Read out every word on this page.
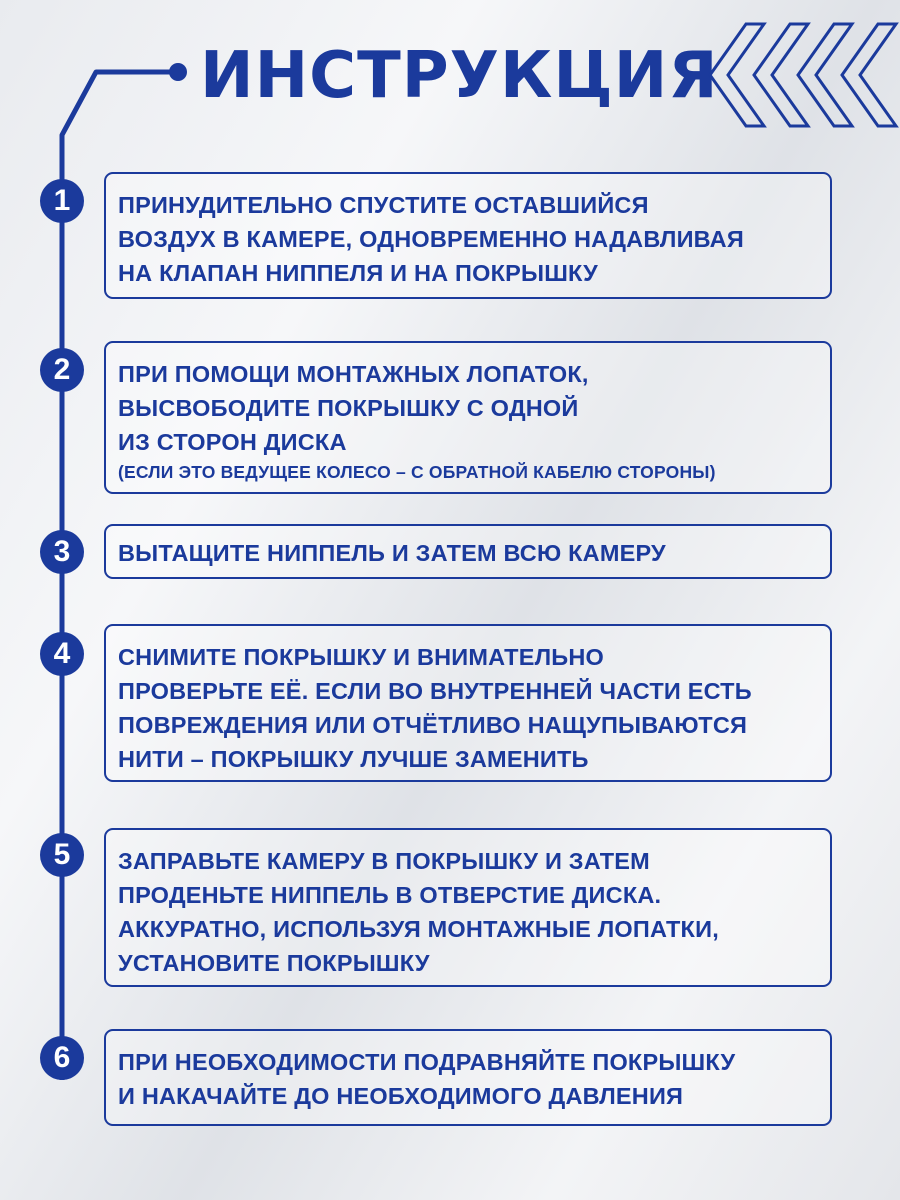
ИНСТРУКЦИЯ
1	ПРИНУДИТЕЛЬНО СПУСТИТЕ ОСТАВШИЙСЯ
ВОЗДУХ В КАМЕРЕ, ОДНОВРЕМЕННО НАДАВЛИВАЯ
НА КЛАПАН НИППЕЛЯ И НА ПОКРЫШКУ
2	ПРИ ПОМОЩИ МОНТАЖНЫХ ЛОПАТОК,
ВЫСВОБОДИТЕ ПОКРЫШКУ С ОДНОЙ
ИЗ СТОРОН ДИСКА
(ЕСЛИ ЭТО ВЕДУЩЕЕ КОЛЕСО – С ОБРАТНОЙ КАБЕЛЮ СТОРОНЫ)
3	ВЫТАЩИТЕ НИППЕЛЬ И ЗАТЕМ ВСЮ КАМЕРУ
4	СНИМИТЕ ПОКРЫШКУ И ВНИМАТЕЛЬНО
ПРОВЕРЬТЕ ЕЁ. ЕСЛИ ВО ВНУТРЕННЕЙ ЧАСТИ ЕСТЬ
ПОВРЕЖДЕНИЯ ИЛИ ОТЧЁТЛИВО НАЩУПЫВАЮТСЯ
НИТИ – ПОКРЫШКУ ЛУЧШЕ ЗАМЕНИТЬ
5	ЗАПРАВЬТЕ КАМЕРУ В ПОКРЫШКУ И ЗАТЕМ
ПРОДЕНЬТЕ НИППЕЛЬ В ОТВЕРСТИЕ ДИСКА.
АККУРАТНО, ИСПОЛЬЗУЯ МОНТАЖНЫЕ ЛОПАТКИ,
УСТАНОВИТЕ ПОКРЫШКУ
6	ПРИ НЕОБХОДИМОСТИ ПОДРАВНЯЙТЕ ПОКРЫШКУ
И НАКАЧАЙТЕ ДО НЕОБХОДИМОГО ДАВЛЕНИЯ
